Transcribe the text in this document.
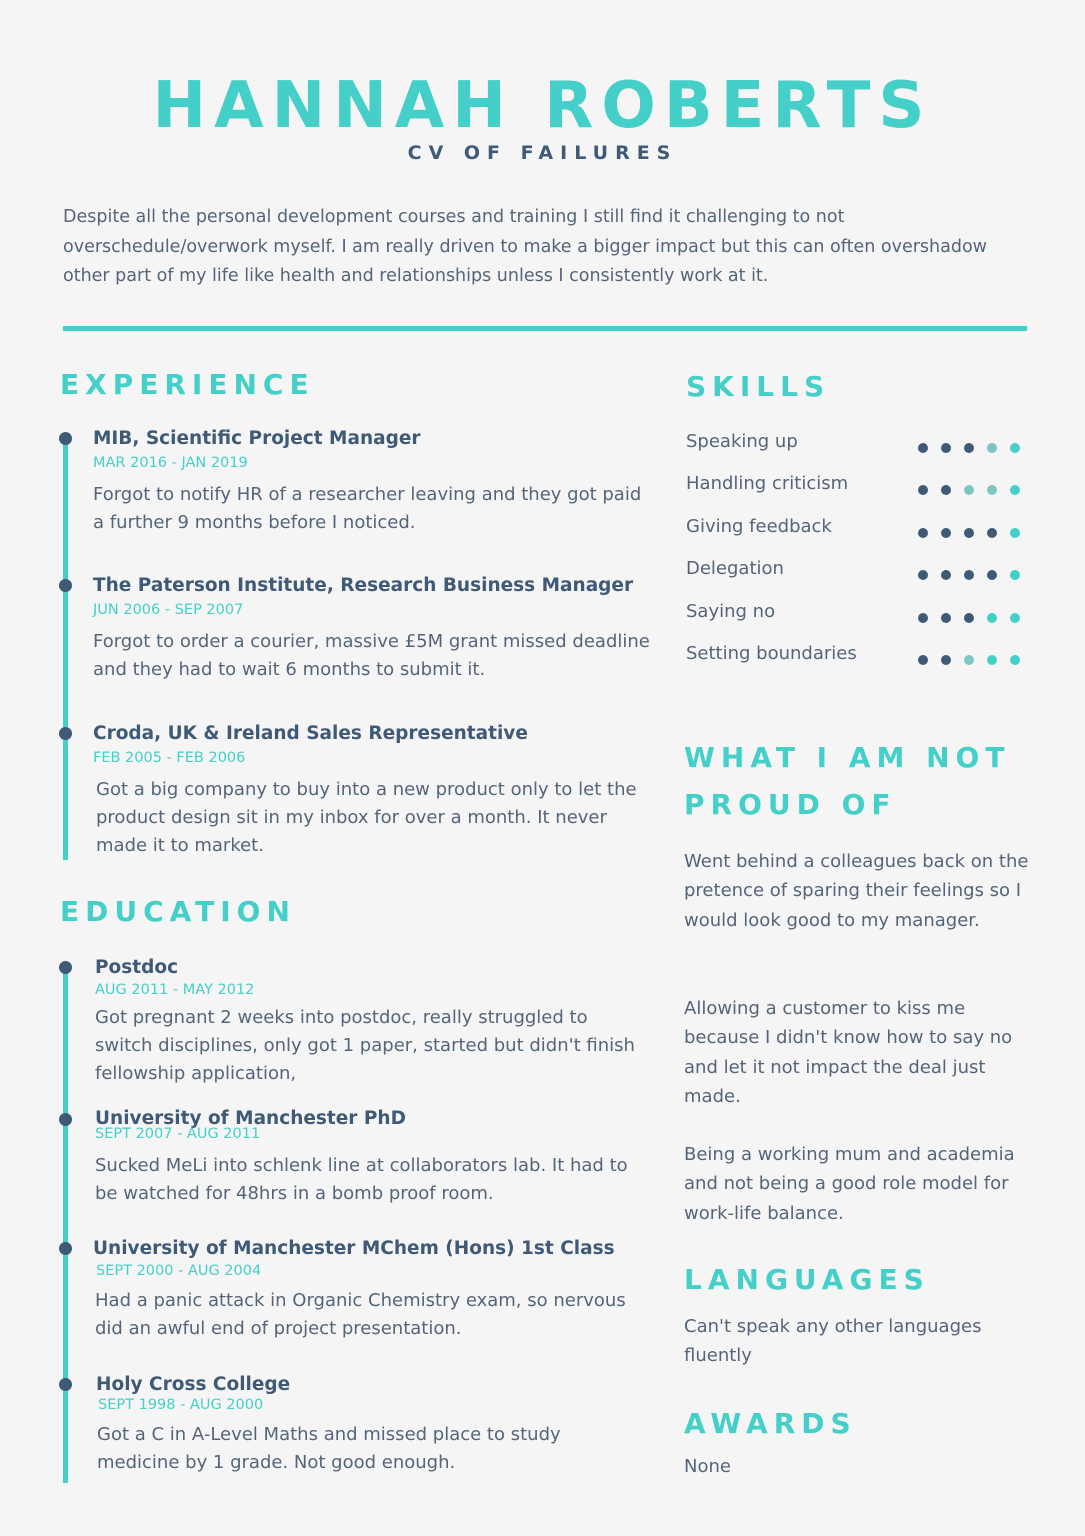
HANNAH ROBERTS
CV OF FAILURES
Despite all the personal development courses and training I still find it challenging to not overschedule/overwork myself. I am really driven to make a bigger impact but this can often overshadow other part of my life like health and relationships unless I consistently work at it.
EXPERIENCE
MIB, Scientific Project Manager
MAR 2016 - JAN 2019
Forgot to notify HR of a researcher leaving and they got paid a further 9 months before I noticed.
The Paterson Institute, Research Business Manager
JUN 2006 - SEP 2007
Forgot to order a courier, massive £5M grant missed deadline and they had to wait 6 months to submit it.
Croda, UK & Ireland Sales Representative
FEB 2005 - FEB 2006
Got a big company to buy into a new product only to let the product design sit in my inbox for over a month. It never made it to market.
EDUCATION
Postdoc
AUG 2011 - MAY 2012
Got pregnant 2 weeks into postdoc, really struggled to switch disciplines, only got 1 paper, started but didn't finish fellowship application,
University of Manchester PhD
SEPT 2007 - AUG 2011
Sucked MeLi into schlenk line at collaborators lab. It had to be watched for 48hrs in a bomb proof room.
University of Manchester MChem (Hons) 1st Class
SEPT 2000 - AUG 2004
Had a panic attack in Organic Chemistry exam, so nervous did an awful end of project presentation.
Holy Cross College
SEPT 1998 - AUG 2000
Got a C in A-Level Maths and missed place to study medicine by 1 grade. Not good enough.
SKILLS
Speaking up
Handling criticism
Giving feedback
Delegation
Saying no
Setting boundaries
WHAT I AM NOT
PROUD OF
Went behind a colleagues back on the pretence of sparing their feelings so I would look good to my manager.
Allowing a customer to kiss me because I didn't know how to say no and let it not impact the deal just made.
Being a working mum and academia and not being a good role model for work-life balance.
LANGUAGES
Can't speak any other languages fluently
AWARDS
None
